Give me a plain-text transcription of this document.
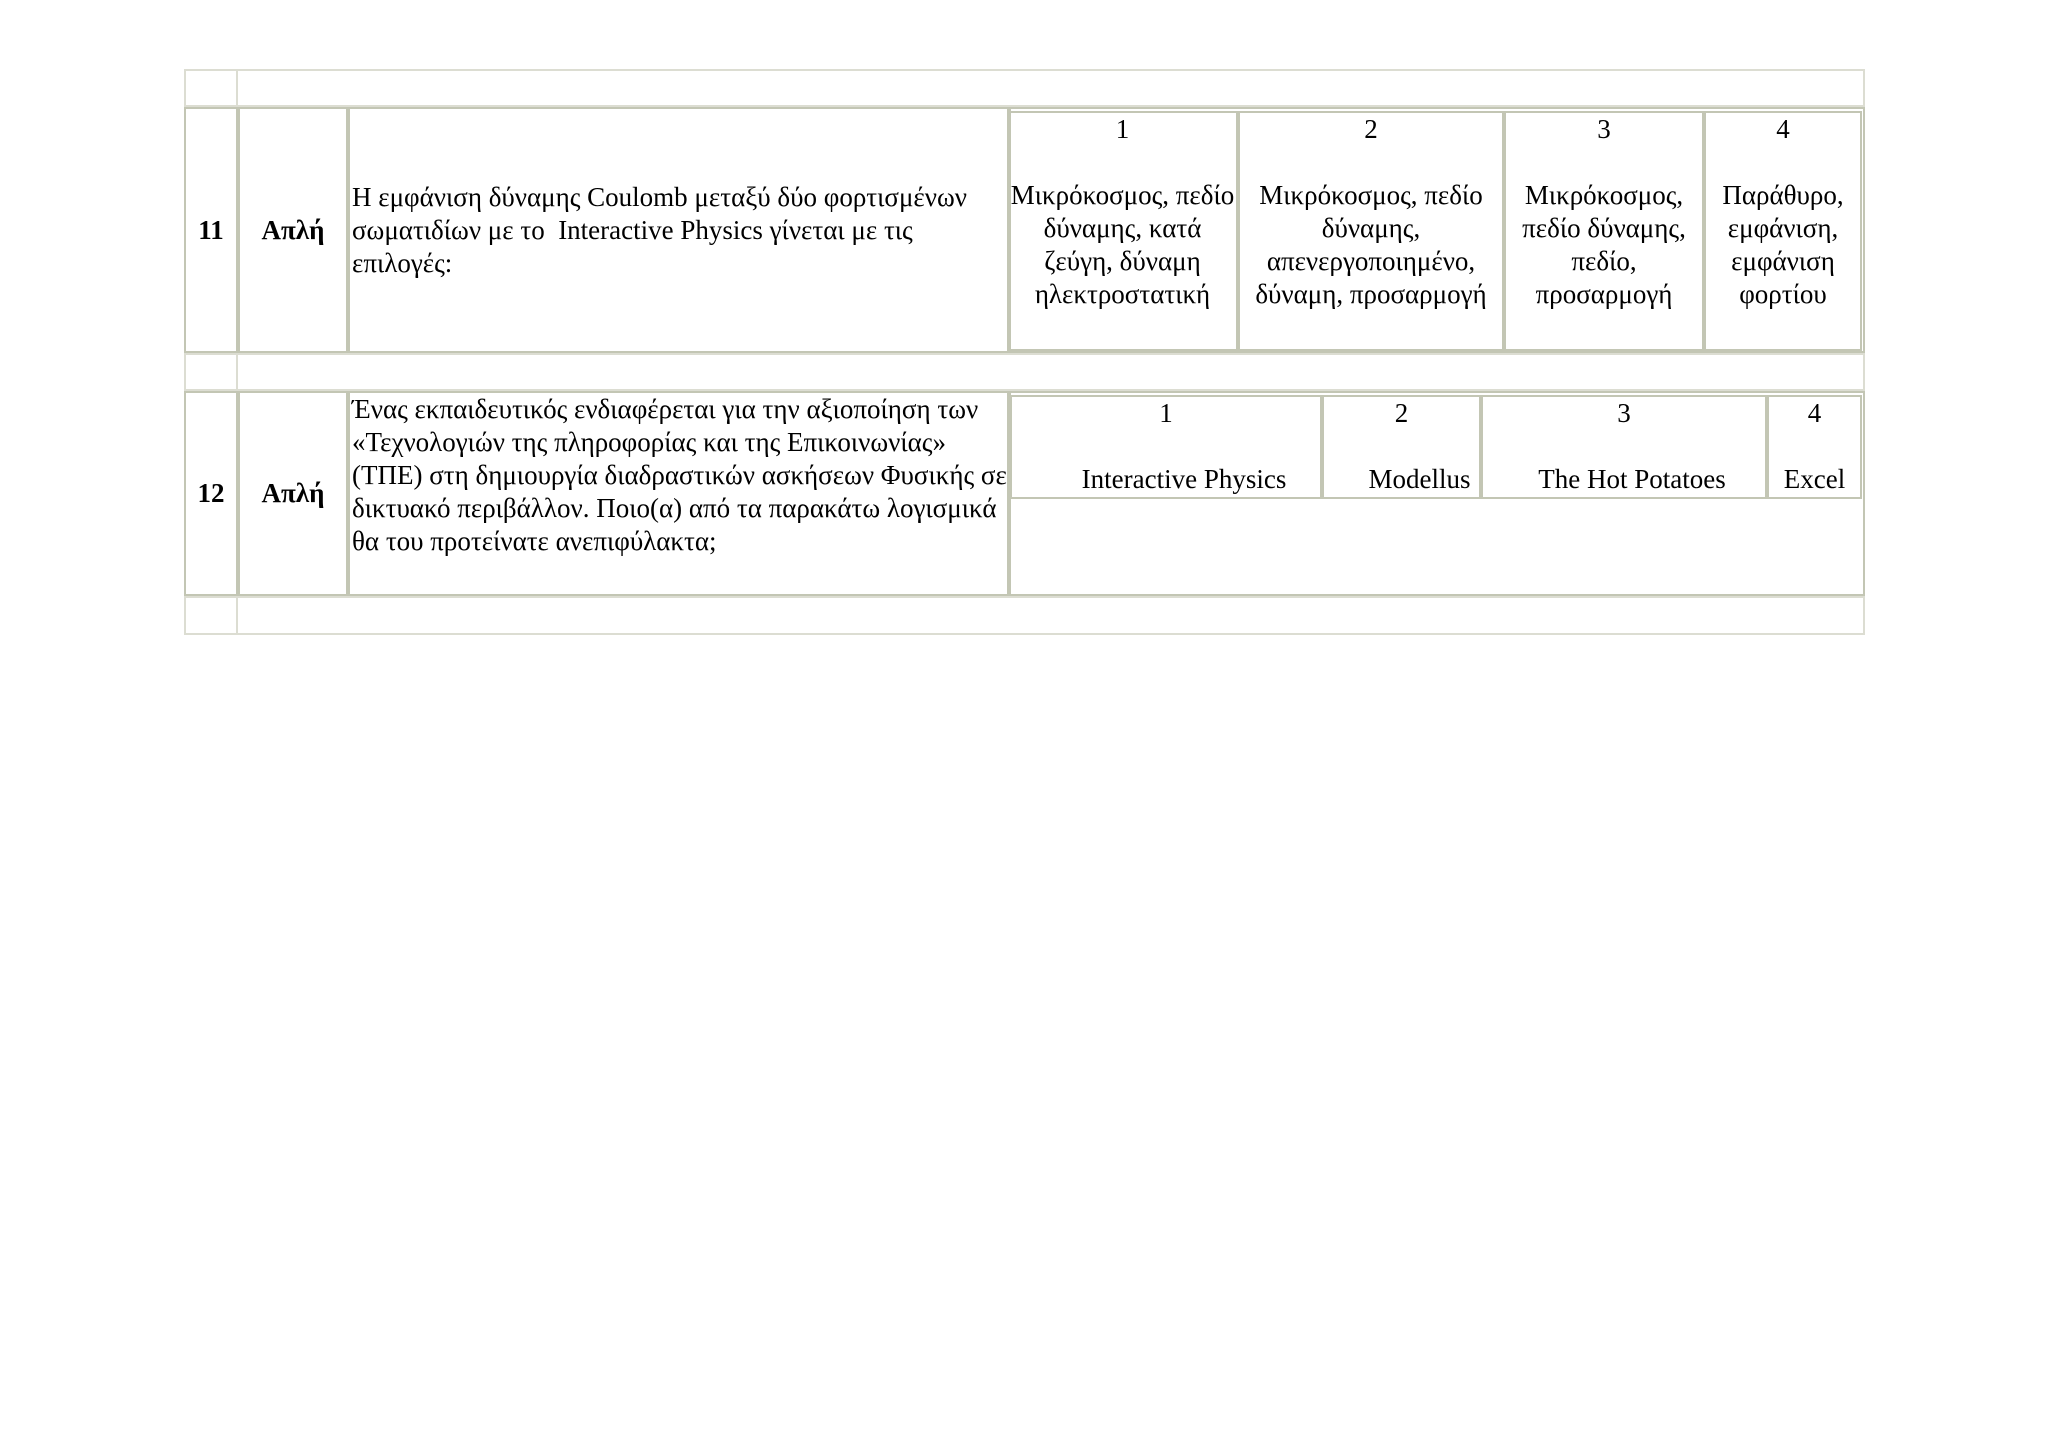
11	Απλή
Η εμφάνιση δύναμης Coulomb μεταξύ δύο φορτισμένων σωματιδίων με το  Interactive Physics γίνεται με τις επιλογές:
1
Μικρόκοσμος, πεδίο δύναμης, κατά ζεύγη, δύναμη ηλεκτροστατική
2
Μικρόκοσμος, πεδίο δύναμης, απενεργοποιημένο, δύναμη, προσαρμογή
3
Μικρόκοσμος, πεδίο δύναμης, πεδίο, προσαρμογή
4
Παράθυρο, εμφάνιση, εμφάνιση φορτίου
12	Απλή
Ένας εκπαιδευτικός ενδιαφέρεται για την αξιοποίηση των «Τεχνολογιών της πληροφορίας και της Επικοινωνίας» (ΤΠΕ) στη δημιουργία διαδραστικών ασκήσεων Φυσικής σε δικτυακό περιβάλλον. Ποιο(α) από τα παρακάτω λογισμικά θα του προτείνατε ανεπιφύλακτα;
1
Interactive Physics
2
Modellus
3
The Hot Potatoes
4
Excel
